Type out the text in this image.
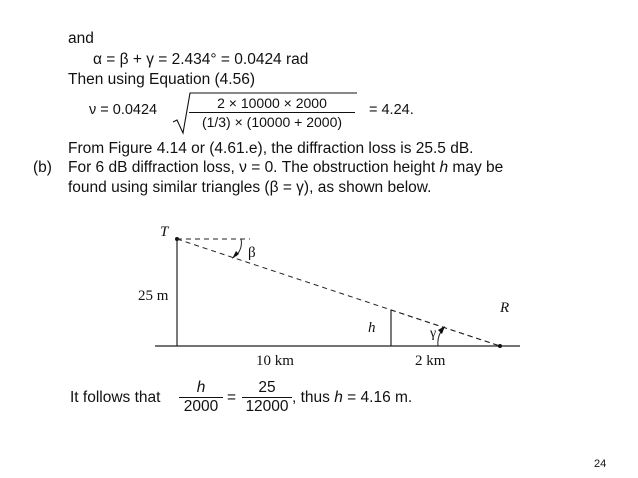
and
α = β + γ = 2.434° = 0.0424 rad
Then using Equation (4.56)
$\nu = 0.0424 \frac{2 \times 10000 \times 2000}{(1/3) \times (10000 + 2000)} = 4.24$.
From Figure 4.14 or (4.61.e), the diffraction loss is 25.5 dB.
(b) For 6 dB diffraction loss, ν = 0. The obstruction height h may be
found using similar triangles (β = γ), as shown below.
T
β
25 m
R
h	γ
10 km	2 km
It follows that $\frac{h}{2000} = \frac{25}{12000}$ , thus h = 4.16 m.
24
